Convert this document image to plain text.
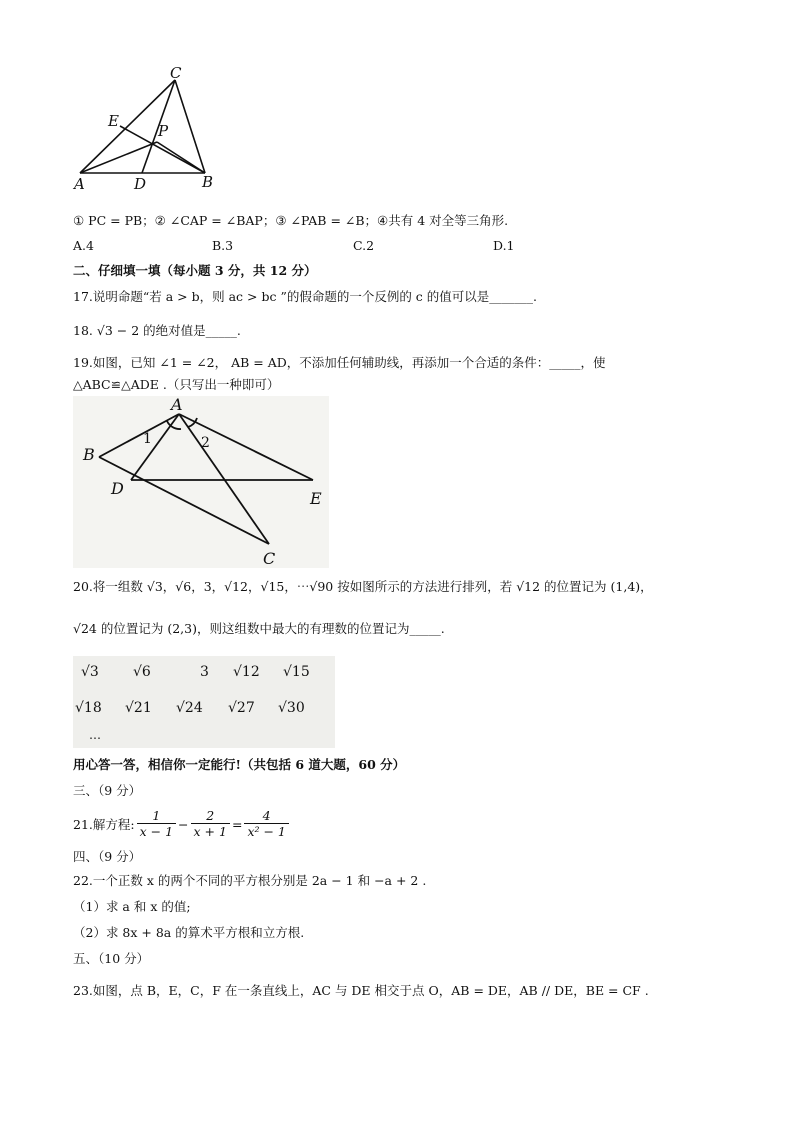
C
E
P
A	D	B
① PC = PB；② ∠CAP = ∠BAP；③ ∠PAB = ∠B；④共有 4 对全等三角形.
A.4	B.3	C.2	D.1
二、仔细填一填（每小题 3 分，共 12 分）
17.说明命题“若 a > b，则 ac > bc ”的假命题的一个反例的 c 的值可以是_______.
18. √3 − 2 的绝对值是_____.
19.如图，已知 ∠1 = ∠2， AB = AD，不添加任何辅助线，再添加一个合适的条件：_____，使
△ABC≌△ADE .（只写出一种即可）
A
B
D
E
C
1	2
20.将一组数 √3，√6，3，√12，√15，⋯√90 按如图所示的方法进行排列，若 √12 的位置记为 (1,4)，
√24 的位置记为 (2,3)，则这组数中最大的有理数的位置记为_____.
√3 √6	3 √12 √15
√18 √21 √24 √27 √30
…
用心答一答，相信你一定能行!（共包括 6 道大题，60 分）
三、（9 分）
21.解方程: $\frac{1}{x - 1} - \frac{2}{x + 1} = \frac{4}{\text{x² − 1}}$
四、（9 分）
22.一个正数 x 的两个不同的平方根分别是 2a − 1 和 −a + 2 .
（1）求 a 和 x 的值;
（2）求 8x + 8a 的算术平方根和立方根.
五、（10 分）
23.如图，点 B，E，C，F 在一条直线上，AC 与 DE 相交于点 O，AB = DE，AB // DE，BE = CF .
